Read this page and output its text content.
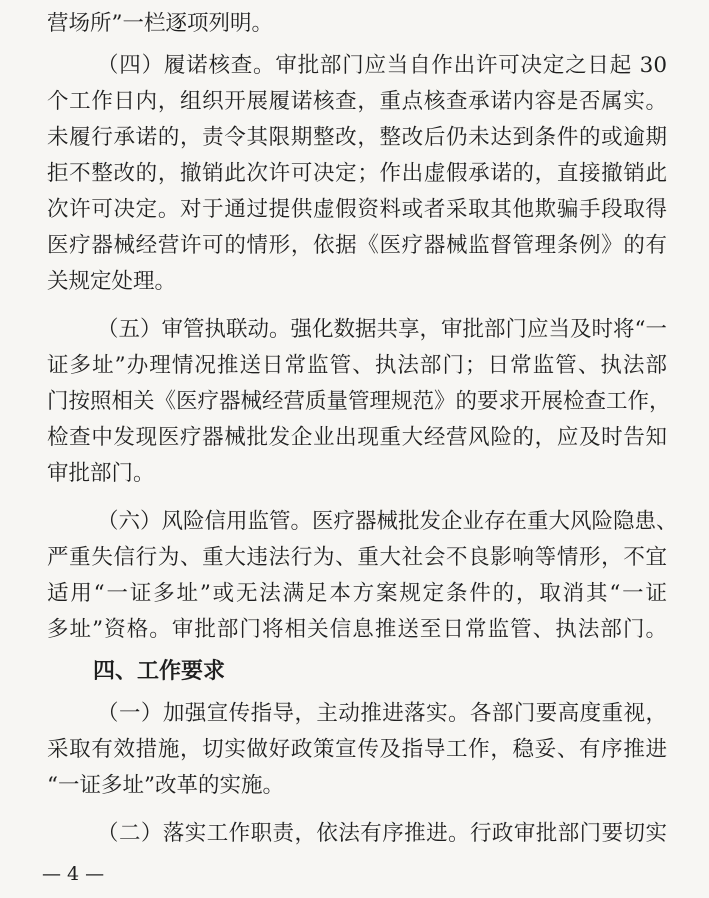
营场所”一栏逐项列明。
（四）履诺核查。审批部门应当自作出许可决定之日起 30
个工作日内，组织开展履诺核查，重点核查承诺内容是否属实。
未履行承诺的，责令其限期整改，整改后仍未达到条件的或逾期
拒不整改的，撤销此次许可决定；作出虚假承诺的，直接撤销此
次许可决定。对于通过提供虚假资料或者采取其他欺骗手段取得
医疗器械经营许可的情形，依据《医疗器械监督管理条例》的有
关规定处理。
（五）审管执联动。强化数据共享，审批部门应当及时将“一
证多址”办理情况推送日常监管、执法部门；日常监管、执法部
门按照相关《医疗器械经营质量管理规范》的要求开展检查工作，
检查中发现医疗器械批发企业出现重大经营风险的，应及时告知
审批部门。
（六）风险信用监管。医疗器械批发企业存在重大风险隐患、
严重失信行为、重大违法行为、重大社会不良影响等情形，不宜
适用“一证多址”或无法满足本方案规定条件的，取消其“一证
多址”资格。审批部门将相关信息推送至日常监管、执法部门。
四、工作要求
（一）加强宣传指导，主动推进落实。各部门要高度重视，
采取有效措施，切实做好政策宣传及指导工作，稳妥、有序推进
“一证多址”改革的实施。
（二）落实工作职责，依法有序推进。行政审批部门要切实
— 4 —
